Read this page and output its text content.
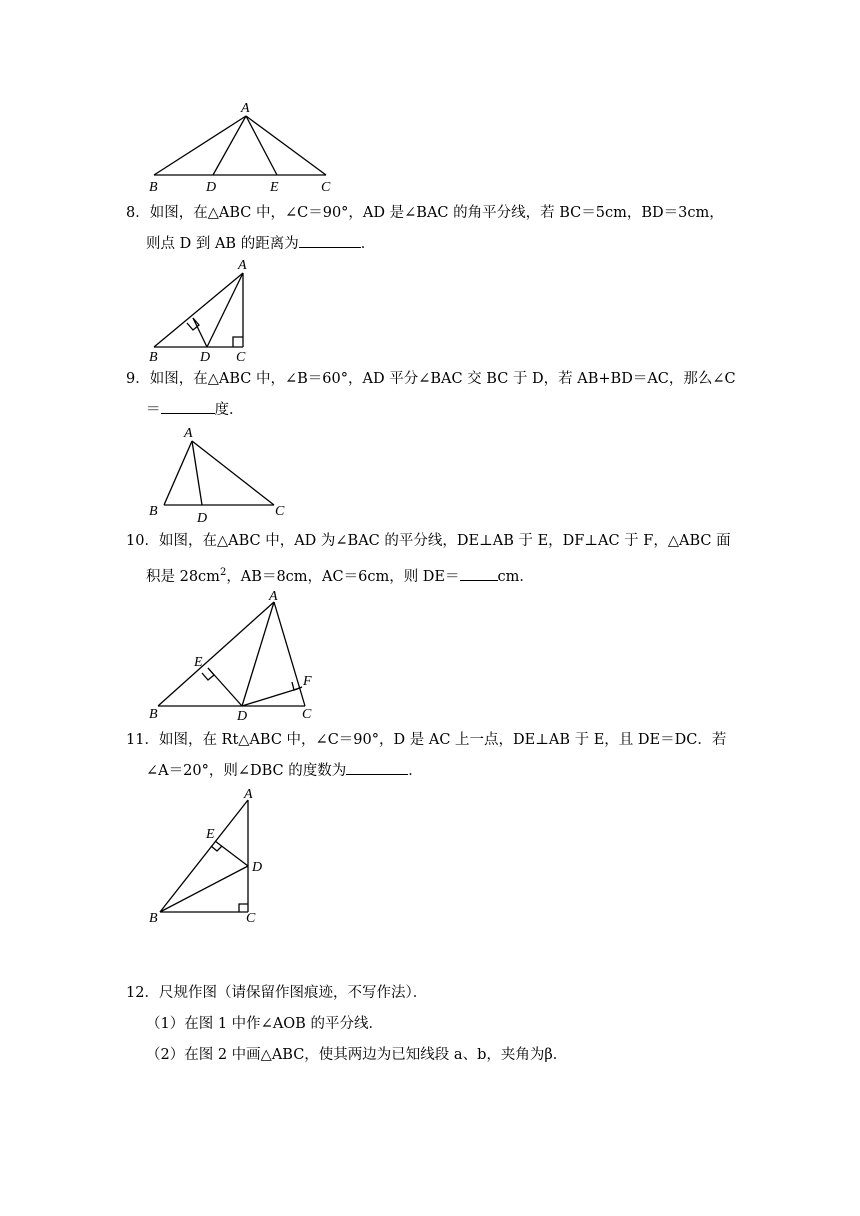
A
B	D	E	C
8．如图，在△ABC 中，∠C＝90°，AD 是∠BAC 的角平分线，若 BC＝5cm，BD＝3cm，
则点 D 到 AB 的距离为	．
A
B	D C
9．如图，在△ABC 中，∠B＝60°，AD 平分∠BAC 交 BC 于 D，若 AB+BD＝AC，那么∠C
＝	度．
A
B	D	C
10．如图，在△ABC 中，AD 为∠BAC 的平分线，DE⊥AB 于 E，DF⊥AC 于 F，△ABC 面
积是 $28cm^2$，AB＝8cm，AC＝6cm，则 DE＝	cm．
A
E
F
B	D	C
11．如图，在 Rt△ABC 中，∠C＝90°，D 是 AC 上一点，DE⊥AB 于 E，且 DE＝DC．若
∠A＝20°，则∠DBC 的度数为	．
A
E
D
B	C
12．尺规作图（请保留作图痕迹，不写作法）．
（1）在图 1 中作∠AOB 的平分线．
（2）在图 2 中画△ABC，使其两边为已知线段 a、b，夹角为β．
